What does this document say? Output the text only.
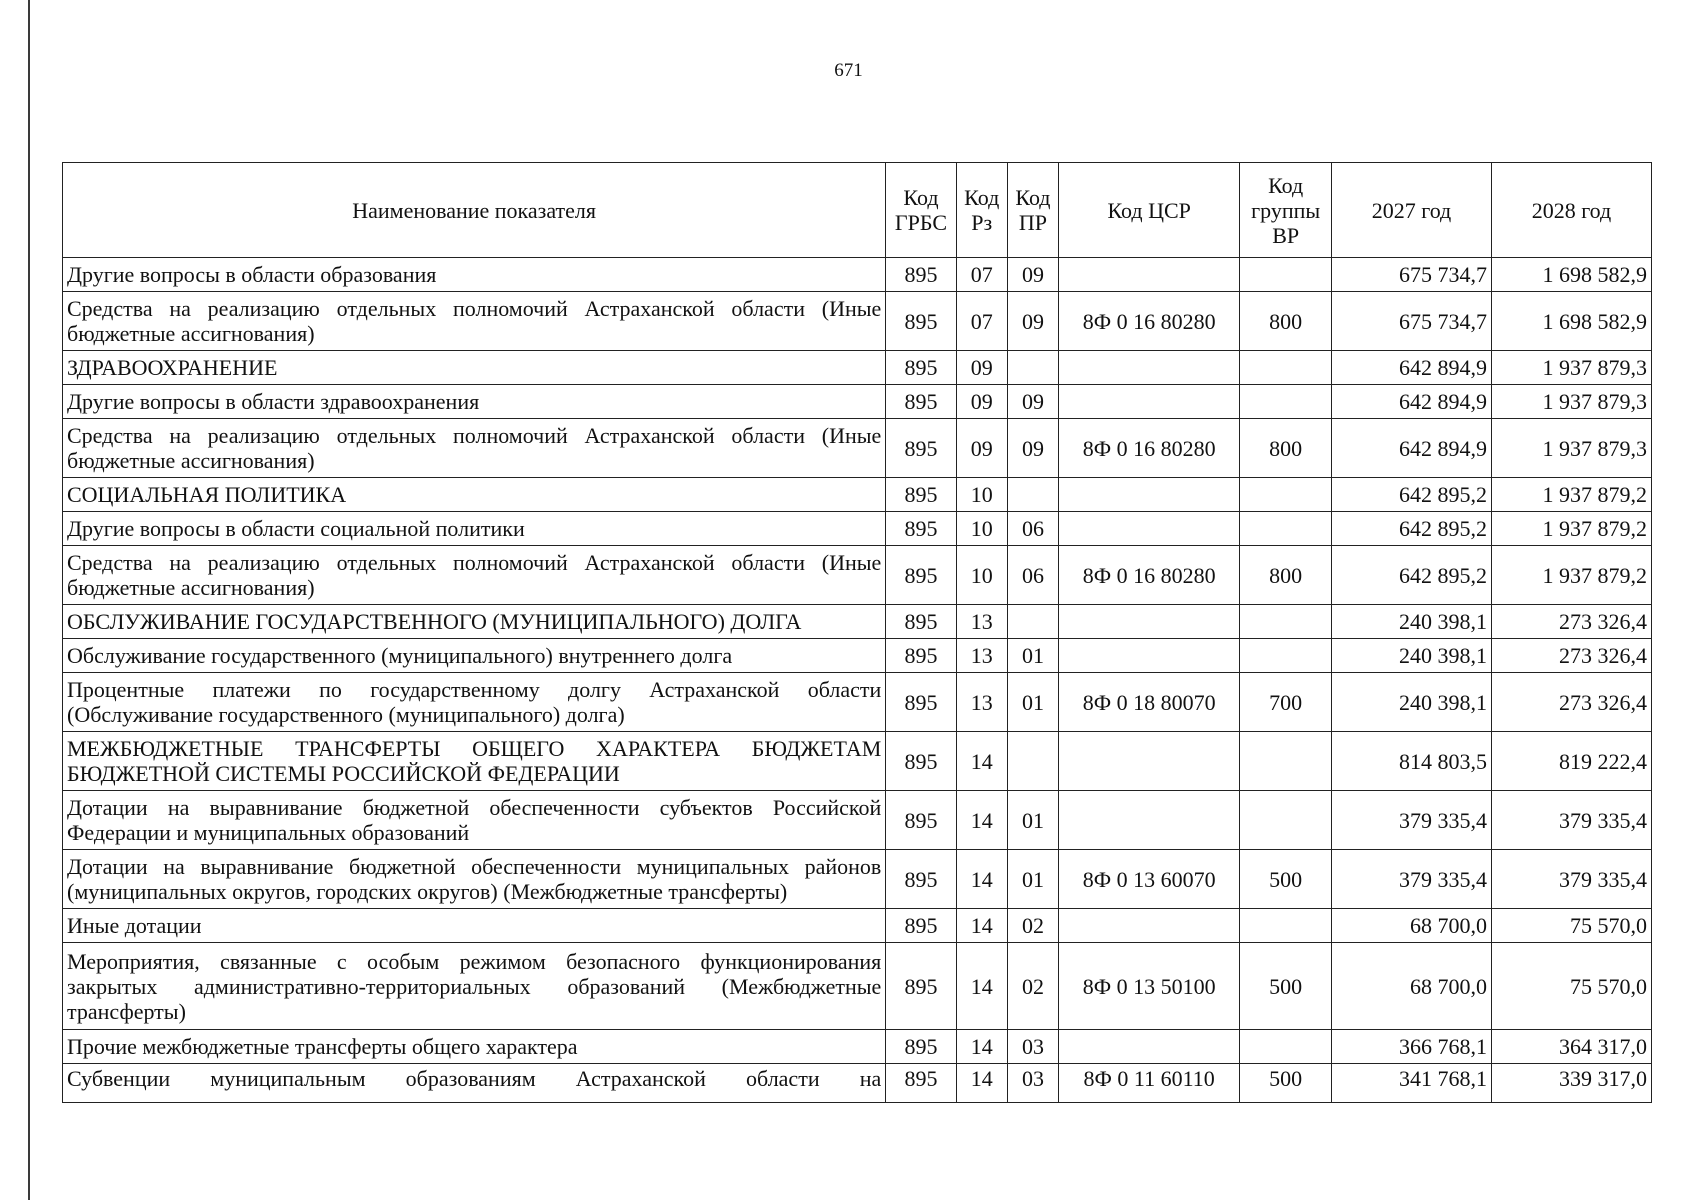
671
Наименование показателя	Код ГРБС	Код Рз	Код ПР	Код ЦСР	Код группы ВР	2027 год	2028 год
Другие вопросы в области образования	895	07	09			675 734,7	1 698 582,9
Средства на реализацию отдельных полномочий Астраханской области (Иные бюджетные ассигнования)	895	07	09	8Ф 0 16 80280	800	675 734,7	1 698 582,9
ЗДРАВООХРАНЕНИЕ	895	09				642 894,9	1 937 879,3
Другие вопросы в области здравоохранения	895	09	09			642 894,9	1 937 879,3
Средства на реализацию отдельных полномочий Астраханской области (Иные бюджетные ассигнования)	895	09	09	8Ф 0 16 80280	800	642 894,9	1 937 879,3
СОЦИАЛЬНАЯ ПОЛИТИКА	895	10				642 895,2	1 937 879,2
Другие вопросы в области социальной политики	895	10	06			642 895,2	1 937 879,2
Средства на реализацию отдельных полномочий Астраханской области (Иные бюджетные ассигнования)	895	10	06	8Ф 0 16 80280	800	642 895,2	1 937 879,2
ОБСЛУЖИВАНИЕ ГОСУДАРСТВЕННОГО (МУНИЦИПАЛЬНОГО) ДОЛГА	895	13				240 398,1	273 326,4
Обслуживание государственного (муниципального) внутреннего долга	895	13	01			240 398,1	273 326,4
Процентные платежи по государственному долгу Астраханской области (Обслуживание государственного (муниципального) долга)	895	13	01	8Ф 0 18 80070	700	240 398,1	273 326,4
МЕЖБЮДЖЕТНЫЕ ТРАНСФЕРТЫ ОБЩЕГО ХАРАКТЕРА БЮДЖЕТАМ БЮДЖЕТНОЙ СИСТЕМЫ РОССИЙСКОЙ ФЕДЕРАЦИИ	895	14				814 803,5	819 222,4
Дотации на выравнивание бюджетной обеспеченности субъектов Российской Федерации и муниципальных образований	895	14	01			379 335,4	379 335,4
Дотации на выравнивание бюджетной обеспеченности муниципальных районов (муниципальных округов, городских округов) (Межбюджетные трансферты)	895	14	01	8Ф 0 13 60070	500	379 335,4	379 335,4
Иные дотации	895	14	02			68 700,0	75 570,0
Мероприятия, связанные с особым режимом безопасного функционирования закрытых административно-территориальных образований (Межбюджетные трансферты)	895	14	02	8Ф 0 13 50100	500	68 700,0	75 570,0
Прочие межбюджетные трансферты общего характера	895	14	03			366 768,1	364 317,0
Субвенции муниципальным образованиям Астраханской области на	895	14	03	8Ф 0 11 60110	500	341 768,1	339 317,0
